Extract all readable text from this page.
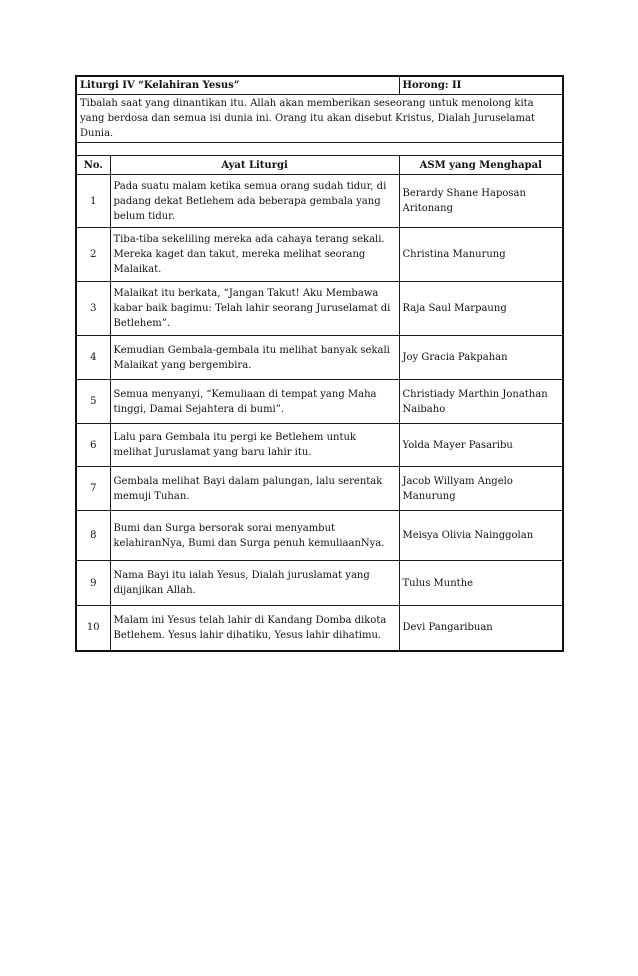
Liturgi IV “Kelahiran Yesus”		Horong: II
Tibalah saat yang dinantikan itu. Allah akan memberikan seseorang untuk menolong kita yang berdosa dan semua isi dunia ini. Orang itu akan disebut Kristus, Dialah Juruselamat Dunia.		

No.	Ayat Liturgi	ASM yang Menghapal
1	Pada suatu malam ketika semua orang sudah tidur, di padang dekat Betlehem ada beberapa gembala yang belum tidur.	Berardy Shane Haposan Aritonang
2	Tiba-tiba sekeliling mereka ada cahaya terang sekali. Mereka kaget dan takut, mereka melihat seorang Malaikat.	Christina Manurung
3	Malaikat itu berkata, “Jangan Takut! Aku Membawa kabar baik bagimu: Telah lahir seorang Juruselamat di Betlehem”.	Raja Saul Marpaung
4	Kemudian Gembala-gembala itu melihat banyak sekali Malaikat yang bergembira.	Joy Gracia Pakpahan
5	Semua menyanyi, “Kemuliaan di tempat yang Maha tinggi, Damai Sejahtera di bumi”.	Christiady Marthin Jonathan Naibaho
6	Lalu para Gembala itu pergi ke Betlehem untuk melihat Juruslamat yang baru lahir itu.	Yolda Mayer Pasaribu
7	Gembala melihat Bayi dalam palungan, lalu serentak memuji Tuhan.	Jacob Willyam Angelo Manurung
8	Bumi dan Surga bersorak sorai menyambut kelahiranNya, Bumi dan Surga penuh kemuliaanNya.	Meisya Olivia Nainggolan
9	Nama Bayi itu ialah Yesus, Dialah juruslamat yang dijanjikan Allah.	Tulus Munthe
10	Malam ini Yesus telah lahir di Kandang Domba dikota Betlehem. Yesus lahir dihatiku, Yesus lahir dihatimu.	Devi Pangaribuan
